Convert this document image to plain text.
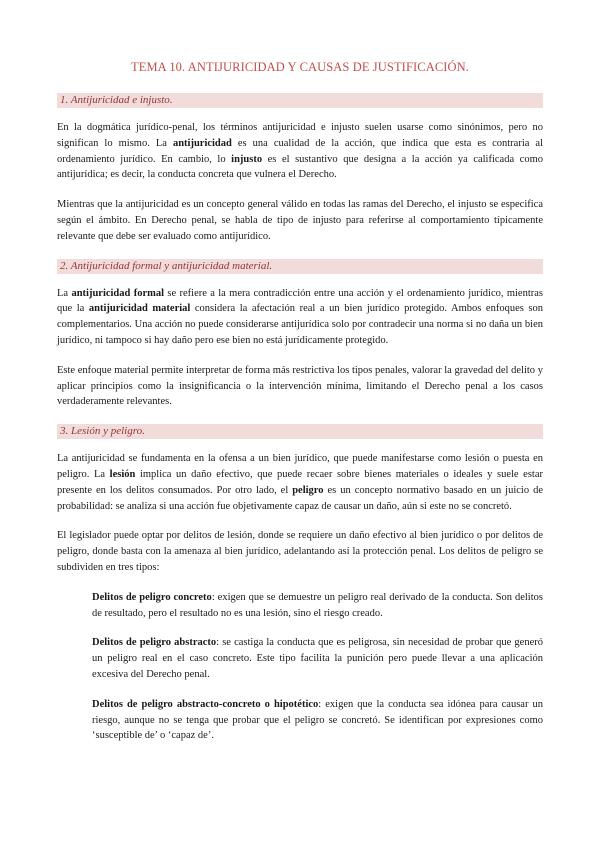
TEMA 10. ANTIJURICIDAD Y CAUSAS DE JUSTIFICACIÓN.
1. Antijuricidad e injusto.

En la dogmática jurídico-penal, los términos antijuricidad e injusto suelen usarse como sinónimos, pero no significan lo mismo. La antijuricidad es una cualidad de la acción, que indica que esta es contraria al ordenamiento jurídico. En cambio, lo injusto es el sustantivo que designa a la acción ya calificada como antijurídica; es decir, la conducta concreta que vulnera el Derecho.

Mientras que la antijuricidad es un concepto general válido en todas las ramas del Derecho, el injusto se especifica según el ámbito. En Derecho penal, se habla de tipo de injusto para referirse al comportamiento típicamente relevante que debe ser evaluado como antijurídico.

2. Antijuricidad formal y antijuricidad material.

La antijuricidad formal se refiere a la mera contradicción entre una acción y el ordenamiento jurídico, mientras que la antijuricidad material considera la afectación real a un bien jurídico protegido. Ambos enfoques son complementarios. Una acción no puede considerarse antijurídica solo por contradecir una norma si no daña un bien jurídico, ni tampoco si hay daño pero ese bien no está jurídicamente protegido.

Este enfoque material permite interpretar de forma más restrictiva los tipos penales, valorar la gravedad del delito y aplicar principios como la insignificancia o la intervención mínima, limitando el Derecho penal a los casos verdaderamente relevantes.

3. Lesión y peligro.

La antijuricidad se fundamenta en la ofensa a un bien jurídico, que puede manifestarse como lesión o puesta en peligro. La lesión implica un daño efectivo, que puede recaer sobre bienes materiales o ideales y suele estar presente en los delitos consumados. Por otro lado, el peligro es un concepto normativo basado en un juicio de probabilidad: se analiza si una acción fue objetivamente capaz de causar un daño, aún si este no se concretó.

El legislador puede optar por delitos de lesión, donde se requiere un daño efectivo al bien jurídico o por delitos de peligro, donde basta con la amenaza al bien jurídico, adelantando así la protección penal. Los delitos de peligro se subdividen en tres tipos:

Delitos de peligro concreto: exigen que se demuestre un peligro real derivado de la conducta. Son delitos de resultado, pero el resultado no es una lesión, sino el riesgo creado.

Delitos de peligro abstracto: se castiga la conducta que es peligrosa, sin necesidad de probar que generó un peligro real en el caso concreto. Este tipo facilita la punición pero puede llevar a una aplicación excesiva del Derecho penal.

Delitos de peligro abstracto-concreto o hipotético: exigen que la conducta sea idónea para causar un riesgo, aunque no se tenga que probar que el peligro se concretó. Se identifican por expresiones como ‘susceptible de’ o ‘capaz de’.
